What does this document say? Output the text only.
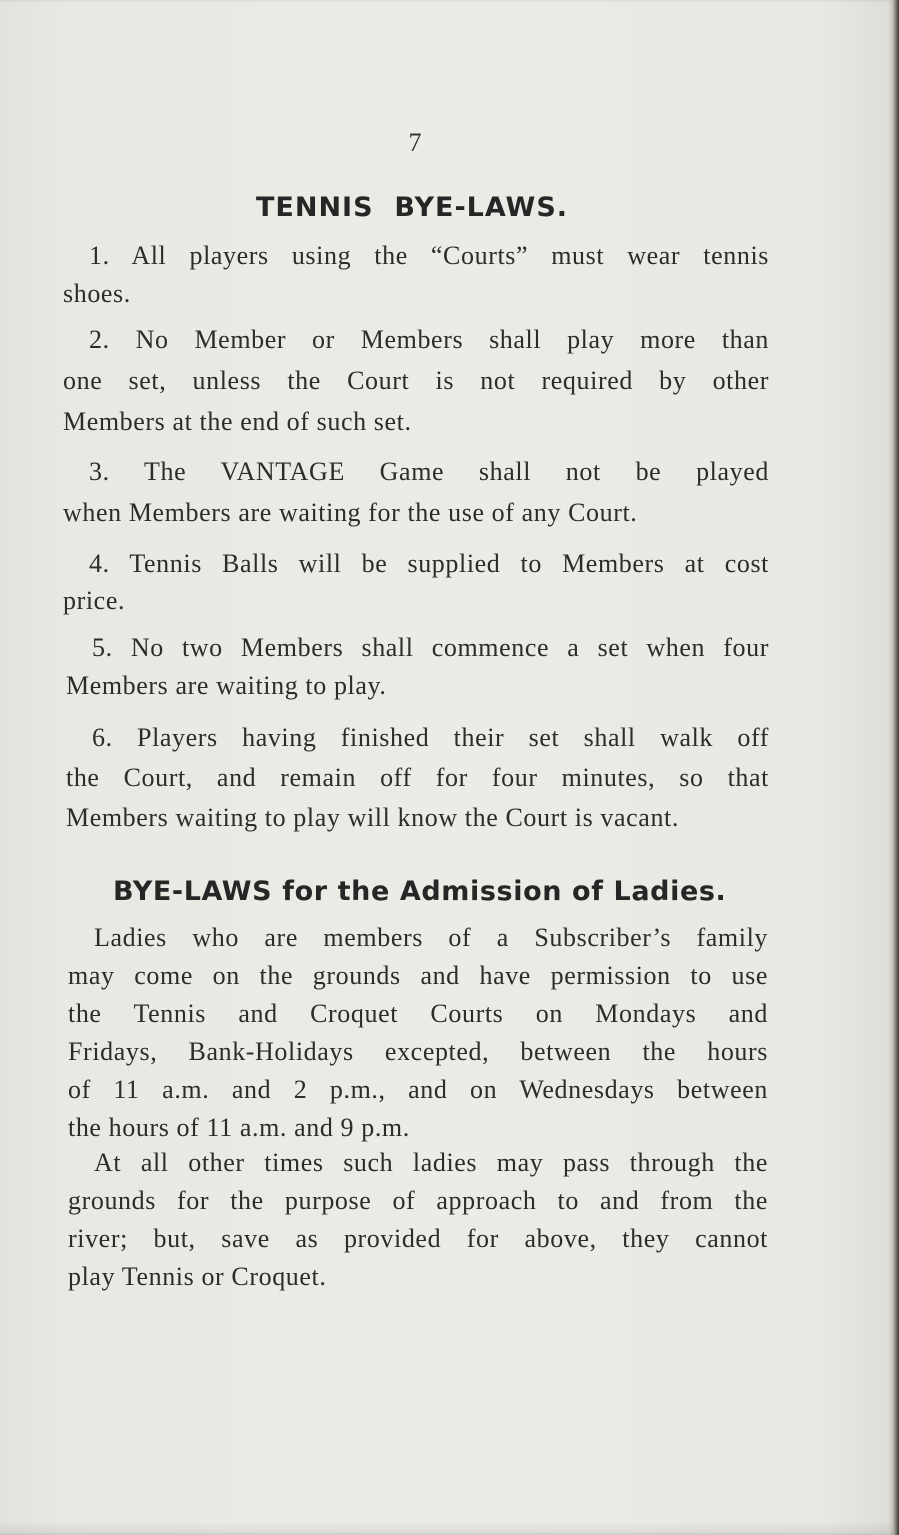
7
TENNIS  BYE-LAWS.
1. All players using the “Courts” must wear tennis
shoes.
2. No Member or Members shall play more than
one set, unless the Court is not required by other
Members at the end of such set.
3. The VANTAGE Game shall not be played
when Members are waiting for the use of any Court.
4. Tennis Balls will be supplied to Members at cost
price.
5. No two Members shall commence a set when four
Members are waiting to play.
6. Players having finished their set shall walk off
the Court, and remain off for four minutes, so that
Members waiting to play will know the Court is vacant.
BYE-LAWS for the Admission of Ladies.
Ladies who are members of a Subscriber’s family
may come on the grounds and have permission to use
the Tennis and Croquet Courts on Mondays and
Fridays, Bank-Holidays excepted, between the hours
of 11 a.m. and 2 p.m., and on Wednesdays between
the hours of 11 a.m. and 9 p.m.
At all other times such ladies may pass through the
grounds for the purpose of approach to and from the
river; but, save as provided for above, they cannot
play Tennis or Croquet.
